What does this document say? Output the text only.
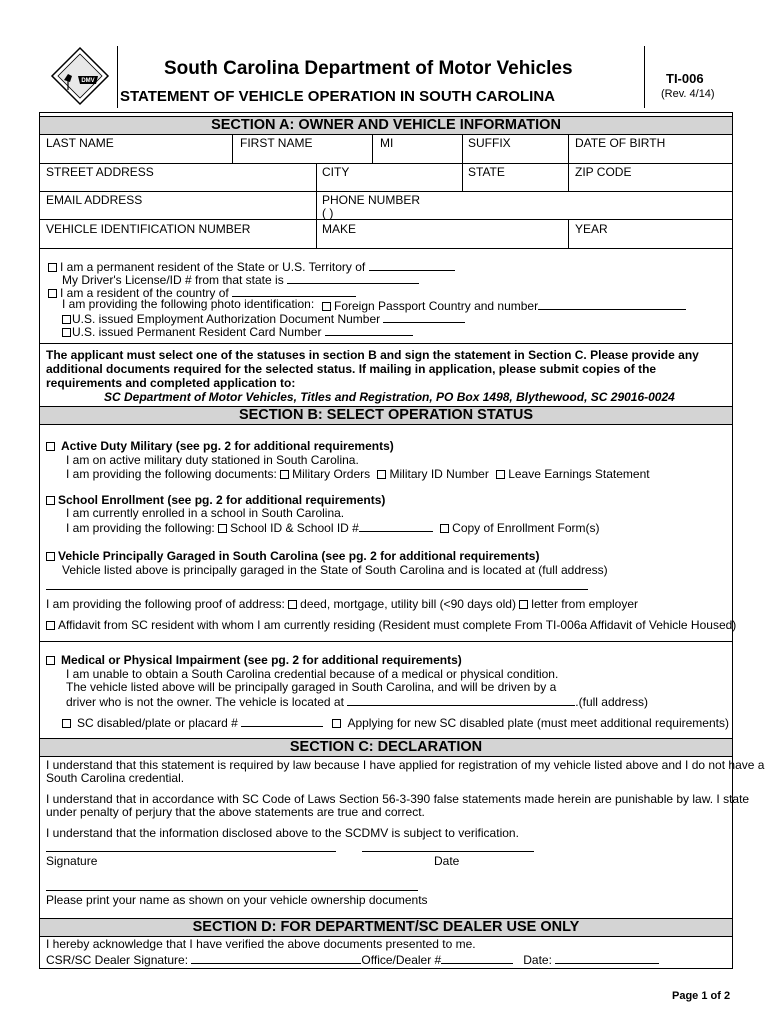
DMV
South Carolina Department of Motor Vehicles
STATEMENT OF VEHICLE OPERATION IN SOUTH CAROLINA
TI-006
(Rev. 4/14)
SECTION A: OWNER AND VEHICLE INFORMATION
LAST NAME	FIRST NAME	MI	SUFFIX	DATE OF BIRTH
STREET ADDRESS	CITY	STATE	ZIP CODE
EMAIL ADDRESS	PHONE NUMBER
( )
VEHICLE IDENTIFICATION NUMBER	MAKE	YEAR
I am a permanent resident of the State or U.S. Territory of
My Driver's License/ID # from that state is
I am a resident of the country of
I am providing the following photo identification:	Foreign Passport Country and number
U.S. issued Employment Authorization Document Number
U.S. issued Permanent Resident Card Number
The applicant must select one of the statuses in section B and sign the statement in Section C. Please provide any
additional documents required for the selected status. If mailing in application, please submit copies of the
requirements and completed application to:
SC Department of Motor Vehicles, Titles and Registration, PO Box 1498, Blythewood, SC 29016-0024
SECTION B: SELECT OPERATION STATUS
Active Duty Military (see pg. 2 for additional requirements)
I am on active military duty stationed in South Carolina.
I am providing the following documents: Military Orders Military ID Number Leave Earnings Statement
School Enrollment (see pg. 2 for additional requirements)
I am currently enrolled in a school in South Carolina.
I am providing the following: School ID & School ID #	Copy of Enrollment Form(s)
Vehicle Principally Garaged in South Carolina (see pg. 2 for additional requirements)
Vehicle listed above is principally garaged in the State of South Carolina and is located at (full address)
I am providing the following proof of address: deed, mortgage, utility bill (<90 days old) letter from employer
Affidavit from SC resident with whom I am currently residing (Resident must complete From TI-006a Affidavit of Vehicle Housed)
Medical or Physical Impairment (see pg. 2 for additional requirements)
I am unable to obtain a South Carolina credential because of a medical or physical condition.
The vehicle listed above will be principally garaged in South Carolina, and will be driven by a
driver who is not the owner. The vehicle is located at	.(full address)
SC disabled/plate or placard #	Applying for new SC disabled plate (must meet additional requirements)
SECTION C: DECLARATION
I understand that this statement is required by law because I have applied for registration of my vehicle listed above and I do not have a
South Carolina credential.
I understand that in accordance with SC Code of Laws Section 56-3-390 false statements made herein are punishable by law. I state
under penalty of perjury that the above statements are true and correct.
I understand that the information disclosed above to the SCDMV is subject to verification.
Signature	Date
Please print your name as shown on your vehicle ownership documents
SECTION D: FOR DEPARTMENT/SC DEALER USE ONLY
I hereby acknowledge that I have verified the above documents presented to me.
CSR/SC Dealer Signature:	Office/Dealer #	Date:
Page 1 of 2
